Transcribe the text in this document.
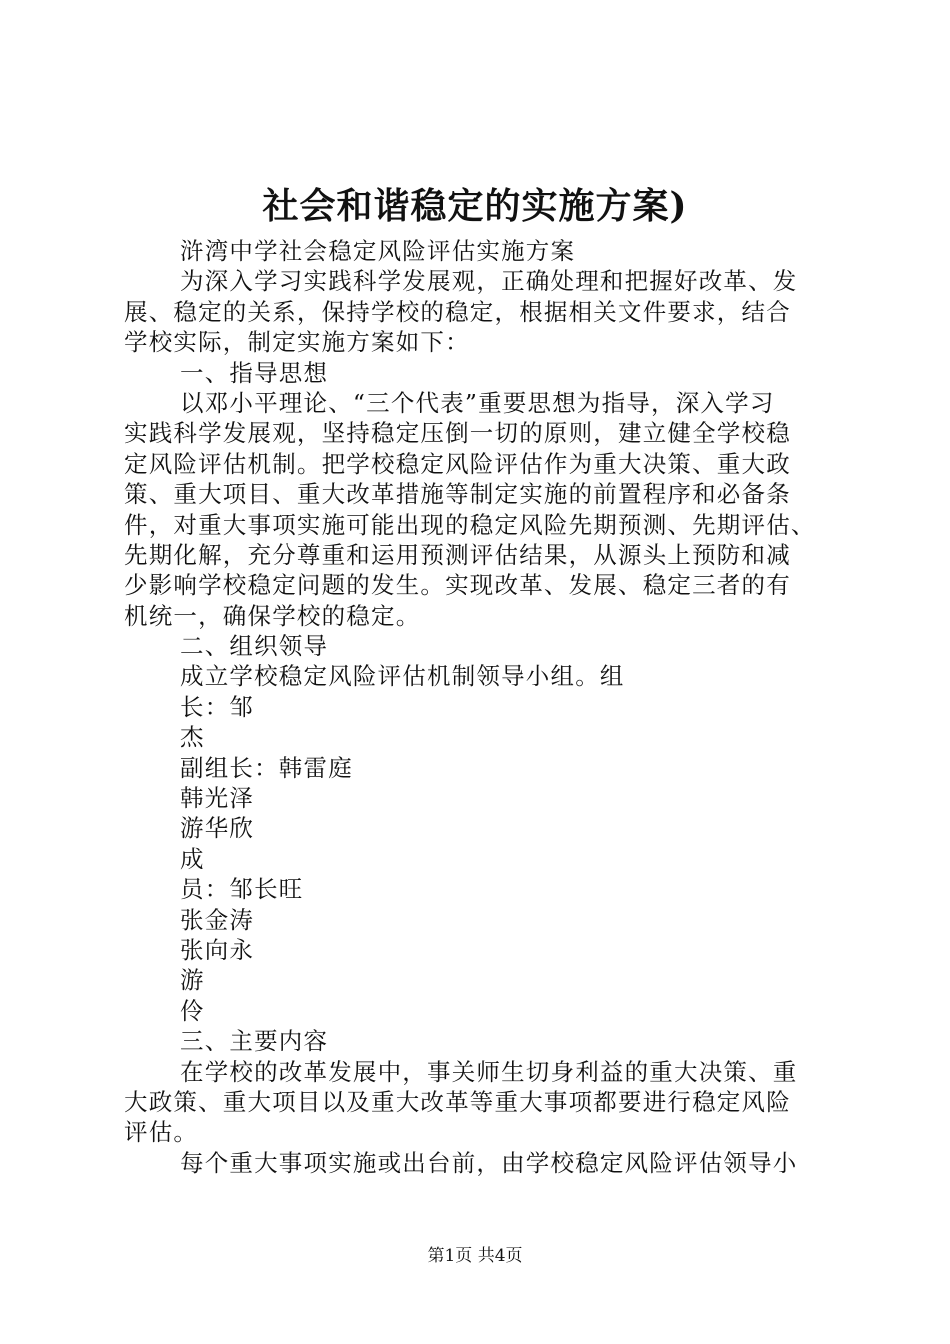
社会和谐稳定的实施方案)

浒湾中学社会稳定风险评估实施方案

为深入学习实践科学发展观，正确处理和把握好改革、发

展、稳定的关系，保持学校的稳定，根据相关文件要求，结合

学校实际，制定实施方案如下：

一、指导思想

以邓小平理论、“三个代表”重要思想为指导，深入学习

实践科学发展观，坚持稳定压倒一切的原则，建立健全学校稳

定风险评估机制。把学校稳定风险评估作为重大决策、重大政

策、重大项目、重大改革措施等制定实施的前置程序和必备条

件，对重大事项实施可能出现的稳定风险先期预测、先期评估、

先期化解，充分尊重和运用预测评估结果，从源头上预防和减

少影响学校稳定问题的发生。实现改革、发展、稳定三者的有

机统一，确保学校的稳定。

二、组织领导

成立学校稳定风险评估机制领导小组。组

长：邹

杰

副组长：韩雷庭

韩光泽

游华欣

成

员：邹长旺

张金涛

张向永

游

伶

三、主要内容

在学校的改革发展中，事关师生切身利益的重大决策、重

大政策、重大项目以及重大改革等重大事项都要进行稳定风险

评估。

每个重大事项实施或出台前，由学校稳定风险评估领导小

第1页 共4页
